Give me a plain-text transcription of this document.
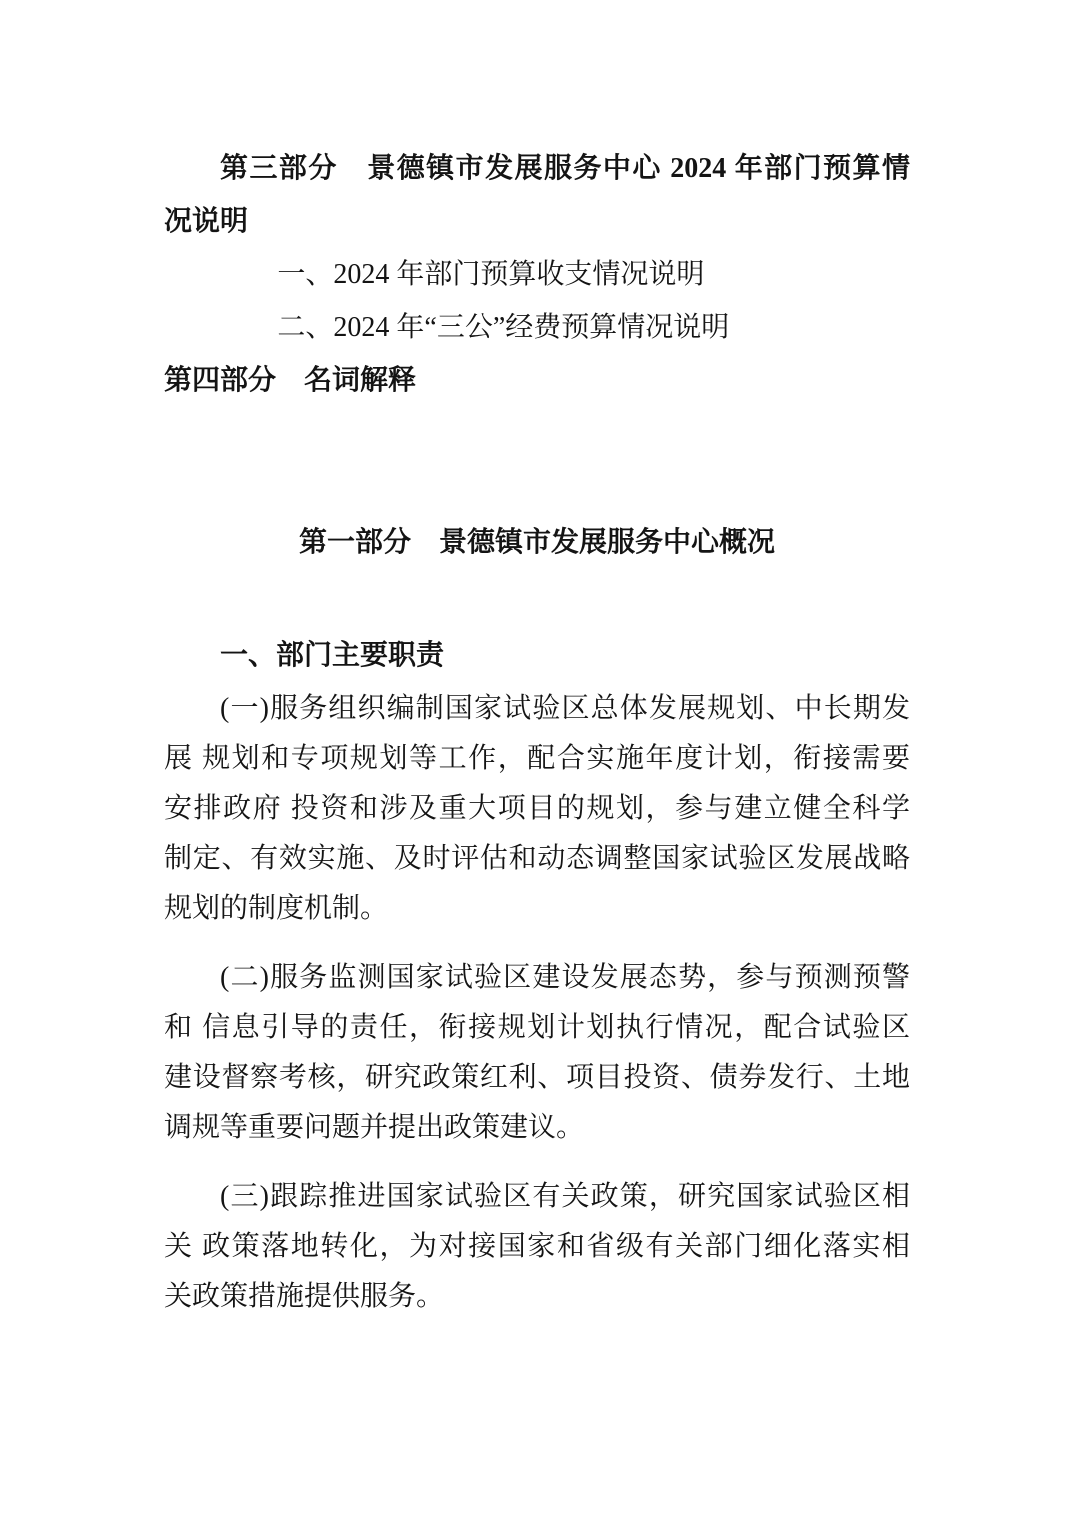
第三部分　景德镇市发展服务中心 2024 年部门预算情
况说明
一、2024 年部门预算收支情况说明
二、2024 年“三公”经费预算情况说明
第四部分　名词解释
第一部分　景德镇市发展服务中心概况
一、部门主要职责

(一)服务组织编制国家试验区总体发展规划、中长期发
展 规划和专项规划等工作，配合实施年度计划，衔接需要
安排政府 投资和涉及重大项目的规划，参与建立健全科学
制定、有效实施、及时评估和动态调整国家试验区发展战略
规划的制度机制。

(二)服务监测国家试验区建设发展态势，参与预测预警
和 信息引导的责任，衔接规划计划执行情况，配合试验区
建设督察考核，研究政策红利、项目投资、债券发行、土地
调规等重要问题并提出政策建议。

(三)跟踪推进国家试验区有关政策，研究国家试验区相
关 政策落地转化，为对接国家和省级有关部门细化落实相
关政策措施提供服务。
